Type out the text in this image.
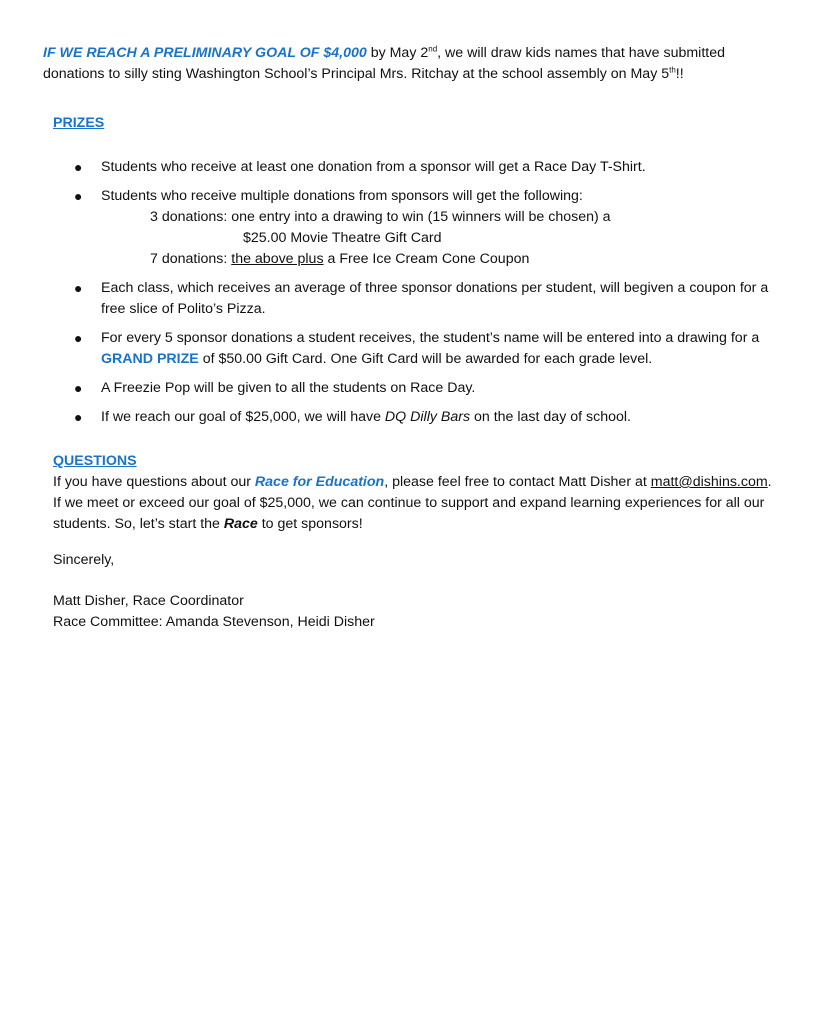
IF WE REACH A PRELIMINARY GOAL OF $4,000 by May 2nd, we will draw kids names that have submitted donations to silly sting Washington School’s Principal Mrs. Ritchay at the school assembly on May 5th!!
PRIZES
● Students who receive at least one donation from a sponsor will get a Race Day T-Shirt.
● Students who receive multiple donations from sponsors will get the following:
3 donations: one entry into a drawing to win (15 winners will be chosen) a
$25.00 Movie Theatre Gift Card
7 donations: the above plus a Free Ice Cream Cone Coupon
● Each class, which receives an average of three sponsor donations per student, will begiven a coupon for a free slice of Polito’s Pizza.
● For every 5 sponsor donations a student receives, the student’s name will be entered into a drawing for a GRAND PRIZE of $50.00 Gift Card. One Gift Card will be awarded for each grade level.
● A Freezie Pop will be given to all the students on Race Day.
● If we reach our goal of $25,000, we will have DQ Dilly Bars on the last day of school.
QUESTIONS
If you have questions about our Race for Education, please feel free to contact Matt Disher at matt@dishins.com. If we meet or exceed our goal of $25,000, we can continue to support and expand learning experiences for all our students. So, let’s start the Race to get sponsors!
Sincerely,
Matt Disher, Race Coordinator
Race Committee: Amanda Stevenson, Heidi Disher
